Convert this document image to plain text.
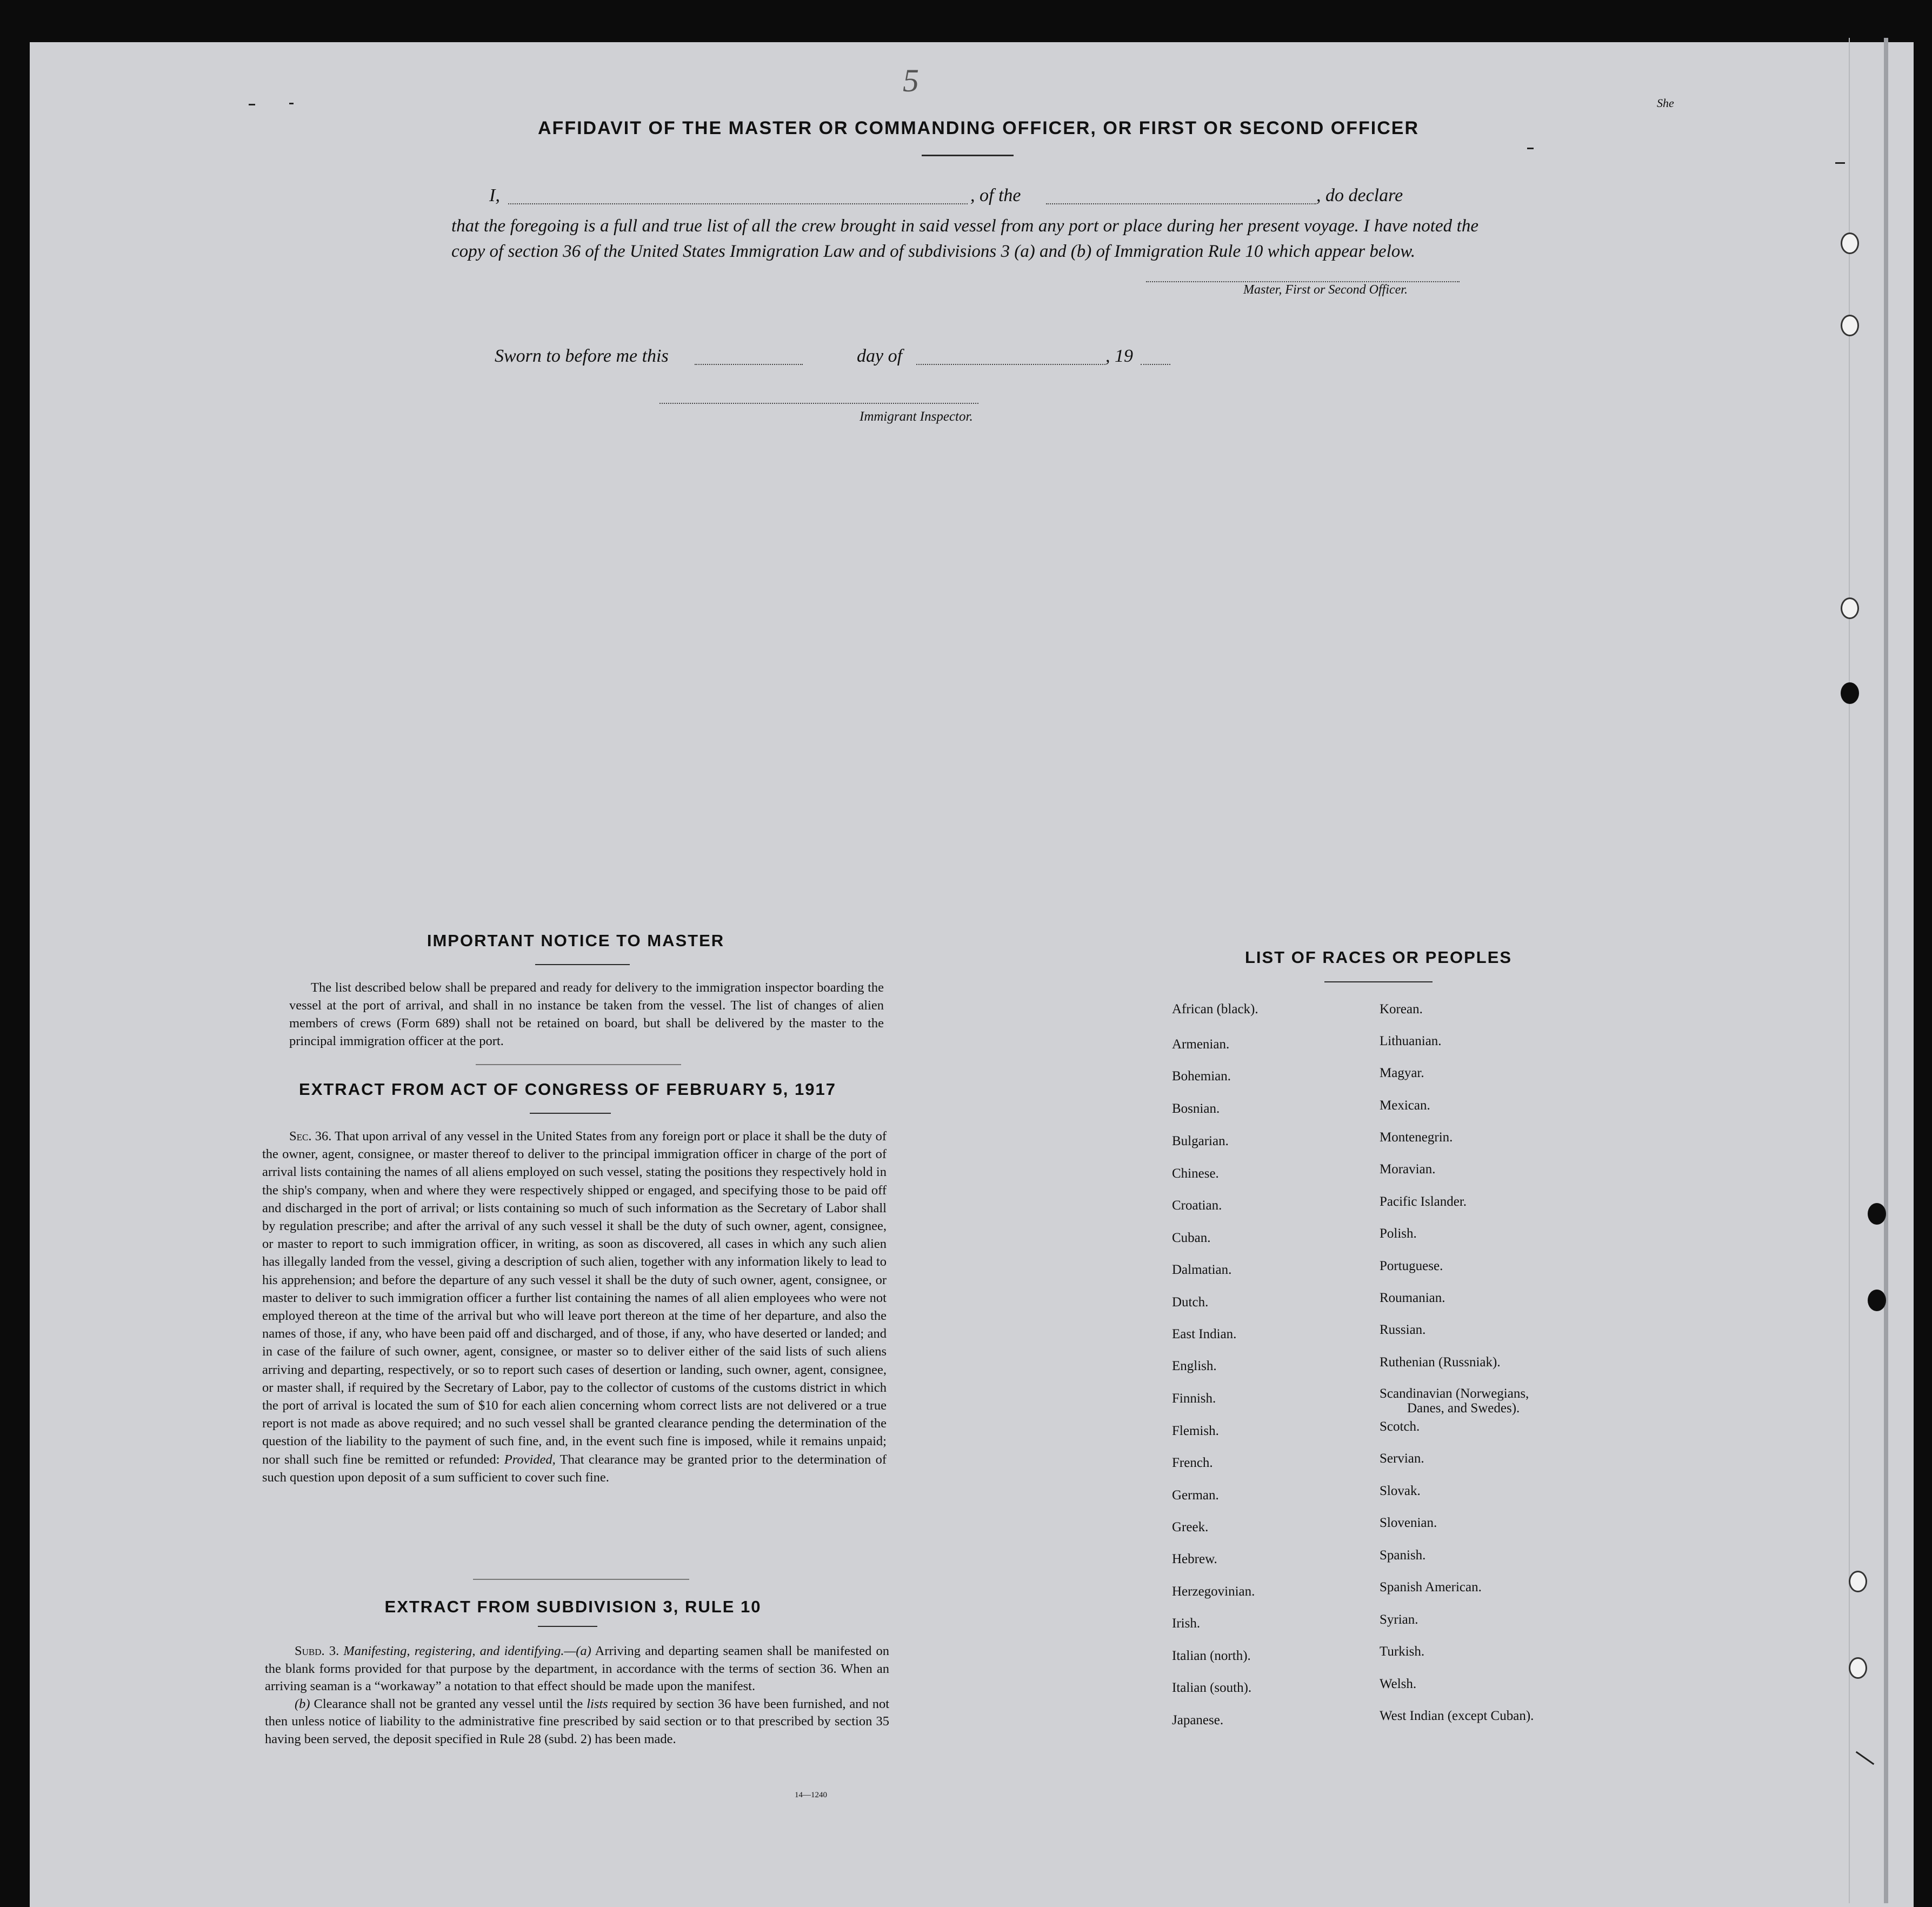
5
She
AFFIDAVIT OF THE MASTER OR COMMANDING OFFICER, OR FIRST OR SECOND OFFICER
I,	, of the	, do declare
that the foregoing is a full and true list of all the crew brought in said vessel from any port or place during her present voyage. I have noted the copy of section 36 of the United States Immigration Law and of subdivisions 3 (a) and (b) of Immigration Rule 10 which appear below.
Master, First or Second Officer.
Sworn to before me this	day of	, 19
Immigrant Inspector.
IMPORTANT NOTICE TO MASTER
The list described below shall be prepared and ready for delivery to the immigration inspector boarding the vessel at the port of arrival, and shall in no instance be taken from the vessel. The list of changes of alien members of crews (Form 689) shall not be retained on board, but shall be delivered by the master to the principal immigration officer at the port.
EXTRACT FROM ACT OF CONGRESS OF FEBRUARY 5, 1917
Sec. 36. That upon arrival of any vessel in the United States from any foreign port or place it shall be the duty of the owner, agent, consignee, or master thereof to deliver to the principal immigration officer in charge of the port of arrival lists containing the names of all aliens employed on such vessel, stating the positions they respectively hold in the ship's company, when and where they were respectively shipped or engaged, and specifying those to be paid off and discharged in the port of arrival; or lists containing so much of such information as the Secretary of Labor shall by regulation prescribe; and after the arrival of any such vessel it shall be the duty of such owner, agent, consignee, or master to report to such immigration officer, in writing, as soon as discovered, all cases in which any such alien has illegally landed from the vessel, giving a description of such alien, together with any information likely to lead to his apprehension; and before the departure of any such vessel it shall be the duty of such owner, agent, consignee, or master to deliver to such immigration officer a further list containing the names of all alien employees who were not employed thereon at the time of the arrival but who will leave port thereon at the time of her departure, and also the names of those, if any, who have been paid off and discharged, and of those, if any, who have deserted or landed; and in case of the failure of such owner, agent, consignee, or master so to deliver either of the said lists of such aliens arriving and departing, respectively, or so to report such cases of desertion or landing, such owner, agent, consignee, or master shall, if required by the Secretary of Labor, pay to the collector of customs of the customs district in which the port of arrival is located the sum of $10 for each alien concerning whom correct lists are not delivered or a true report is not made as above required; and no such vessel shall be granted clearance pending the determination of the question of the liability to the payment of such fine, and, in the event such fine is imposed, while it remains unpaid; nor shall such fine be remitted or refunded: Provided, That clearance may be granted prior to the determination of such question upon deposit of a sum sufficient to cover such fine.
EXTRACT FROM SUBDIVISION 3, RULE 10

Subd. 3. Manifesting, registering, and identifying.—(a) Arriving and departing seamen shall be manifested on the blank forms provided for that purpose by the department, in accordance with the terms of section 36. When an arriving seaman is a “workaway” a notation to that effect should be made upon the manifest.

(b) Clearance shall not be granted any vessel until the lists required by section 36 have been furnished, and not then unless notice of liability to the administrative fine prescribed by said section or to that prescribed by section 35 having been served, the deposit specified in Rule 28 (subd. 2) has been made.

14—1240
LIST OF RACES OR PEOPLES
African (black).
Armenian.
Bohemian.
Bosnian.
Bulgarian.
Chinese.
Croatian.
Cuban.
Dalmatian.
Dutch.
East Indian.
English.
Finnish.
Flemish.
French.
German.
Greek.
Hebrew.
Herzegovinian.
Irish.
Italian (north).
Italian (south).
Japanese.
Korean.
Lithuanian.
Magyar.
Mexican.
Montenegrin.
Moravian.
Pacific Islander.
Polish.
Portuguese.
Roumanian.
Russian.
Ruthenian (Russniak).
Scandinavian (Norwegians,
Danes, and Swedes).
Scotch.
Servian.
Slovak.
Slovenian.
Spanish.
Spanish American.
Syrian.
Turkish.
Welsh.
West Indian (except Cuban).
